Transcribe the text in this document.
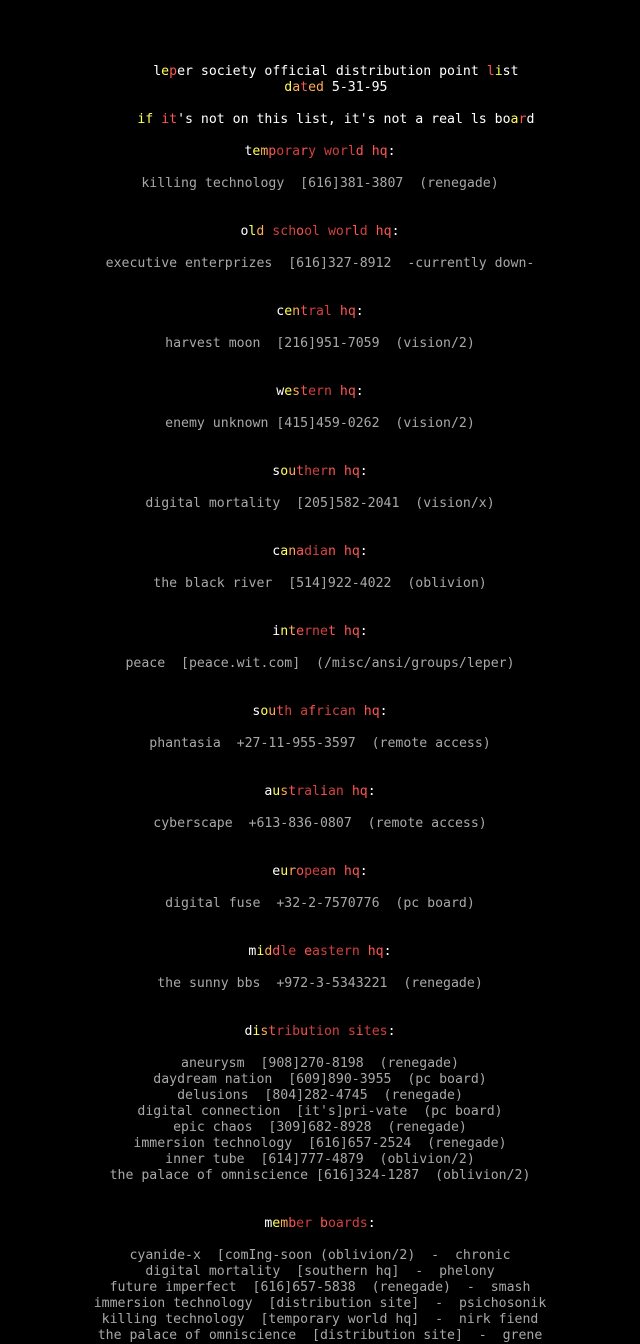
leper society official distribution point list

dated 5-31-95

if it's not on this list, it's not a real ls board

temporary world hq:
killing technology  [616]381-3807  (renegade)
old school world hq:
executive enterprizes  [616]327-8912  -currently down-
central hq:
harvest moon  [216]951-7059  (vision/2)
western hq:
enemy unknown [415]459-0262  (vision/2)
southern hq:
digital mortality  [205]582-2041  (vision/x)
canadian hq:
the black river  [514]922-4022  (oblivion)
internet hq:
peace  [peace.wit.com]  (/misc/ansi/groups/leper)
south african hq:
phantasia  +27-11-955-3597  (remote access)
australian hq:
cyberscape  +613-836-0807  (remote access)
european hq:
digital fuse  +32-2-7570776  (pc board)
middle eastern hq:
the sunny bbs  +972-3-5343221  (renegade)
distribution sites:
aneurysm  [908]270-8198  (renegade)
daydream nation  [609]890-3955  (pc board)
delusions  [804]282-4745  (renegade)
digital connection  [it's]pri-vate  (pc board)
epic chaos  [309]682-8928  (renegade)
immersion technology  [616]657-2524  (renegade)
inner tube  [614]777-4879  (oblivion/2)
the palace of omniscience [616]324-1287  (oblivion/2)
member boards:
cyanide-x  [comIng-soon (oblivion/2)  -  chronic
digital mortality  [southern hq]  -  phelony
future imperfect  [616]657-5838  (renegade)  -  smash
immersion technology  [distribution site]  -  psichosonik
killing technology  [temporary world hq]  -  nirk fiend
the palace of omniscience  [distribution site]  -  grene
